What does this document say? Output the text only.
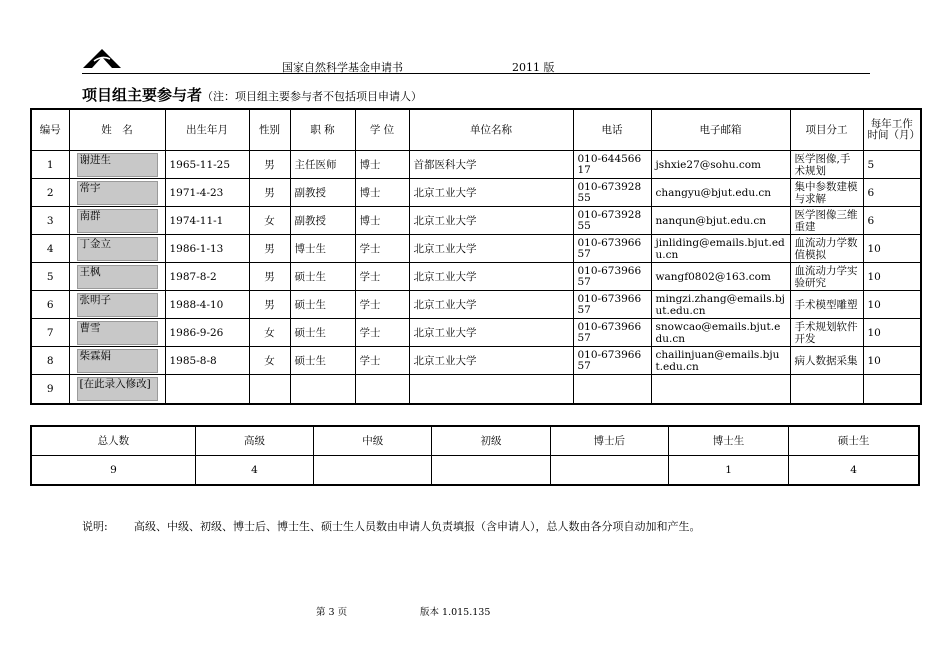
国家自然科学基金申请书	2011 版
项目组主要参与者（注：项目组主要参与者不包括项目申请人）
编号	姓　名	出生年月	性别	职 称	学 位	单位名称	电话	电子邮箱	项目分工	每年工作时间（月）
1	谢进生	1965-11-25	男	主任医师	博士	首都医科大学	010-64456617	jshxie27@sohu.com	医学图像,手术规划	5
2	常宇	1971-4-23	男	副教授	博士	北京工业大学	010-67392855	changyu@bjut.edu.cn	集中参数建模与求解	6
3	南群	1974-11-1	女	副教授	博士	北京工业大学	010-67392855	nanqun@bjut.edu.cn	医学图像三维重建	6
4	丁金立	1986-1-13	男	博士生	学士	北京工业大学	010-67396657	jinliding@emails.bjut.edu.cn	血流动力学数值模拟	10
5	王枫	1987-8-2	男	硕士生	学士	北京工业大学	010-67396657	wangf0802@163.com	血流动力学实验研究	10
6	张明子	1988-4-10	男	硕士生	学士	北京工业大学	010-67396657	mingzi.zhang@emails.bjut.edu.cn	手术模型雕塑	10
7	曹雪	1986-9-26	女	硕士生	学士	北京工业大学	010-67396657	snowcao@emails.bjut.edu.cn	手术规划软件开发	10
8	柴霖娟	1985-8-8	女	硕士生	学士	北京工业大学	010-67396657	chailinjuan@emails.bjut.edu.cn	病人数据采集	10
9	[在此录入修改]									

总人数	高级	中级	初级	博士后	博士生	硕士生
9	4				1	4
说明: 高级、中级、初级、博士后、博士生、硕士生人员数由申请人负责填报（含申请人），总人数由各分项自动加和产生。
第 3 页	版本 1.015.135
